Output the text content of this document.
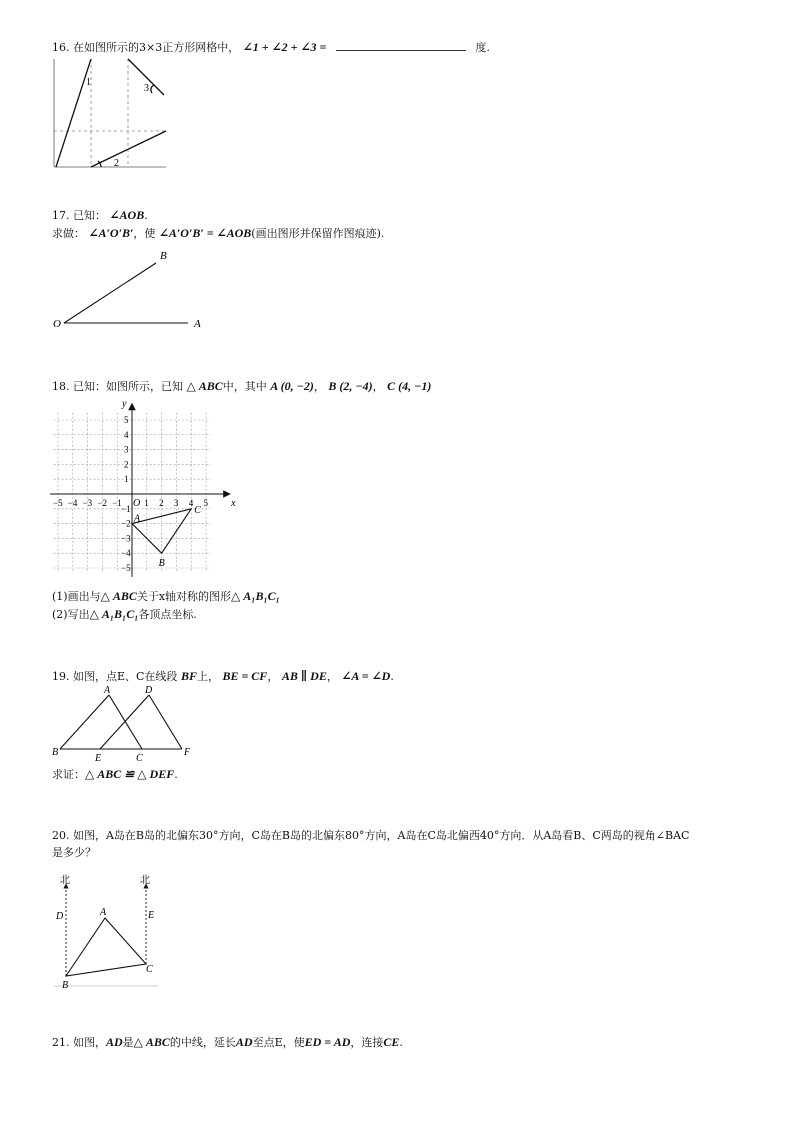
16. 在如图所示的3×3正方形网格中， ∠1 + ∠2 + ∠3 =	度.
1
2
3
17. 已知： ∠AOB.
求做： ∠A′O′B′，使 ∠A′O′B′ = ∠AOB(画出图形并保留作图痕迹).
O	A
B
18. 已知：如图所示，已知 △ ABC中，其中 A (0, −2)， B (2, −4)， C (4, −1)
−5 −4 −3 −2 −1	1 2 3 4 5
5
4
3
2
1
−1
−2
−3
−4
−5
A
B
C
x
y
O
(1)画出与△ ABC关于x轴对称的图形△ A₁B₁C₁
(2)写出△ A₁B₁C₁各顶点坐标.
19. 如图，点E、C在线段 BF上， BE = CF， AB ∥ DE， ∠A = ∠D.
A
B
C
D
E
F
求证：△ ABC ≌ △ DEF.
20. 如图，A岛在B岛的北偏东30°方向，C岛在B岛的北偏东80°方向，A岛在C岛北偏西40°方向．从A岛看B、C两岛的视角∠BAC
是多少？
北	北
D	E
A
B
C
21. 如图，AD是△ ABC的中线，延长AD至点E，使ED = AD，连接CE.
